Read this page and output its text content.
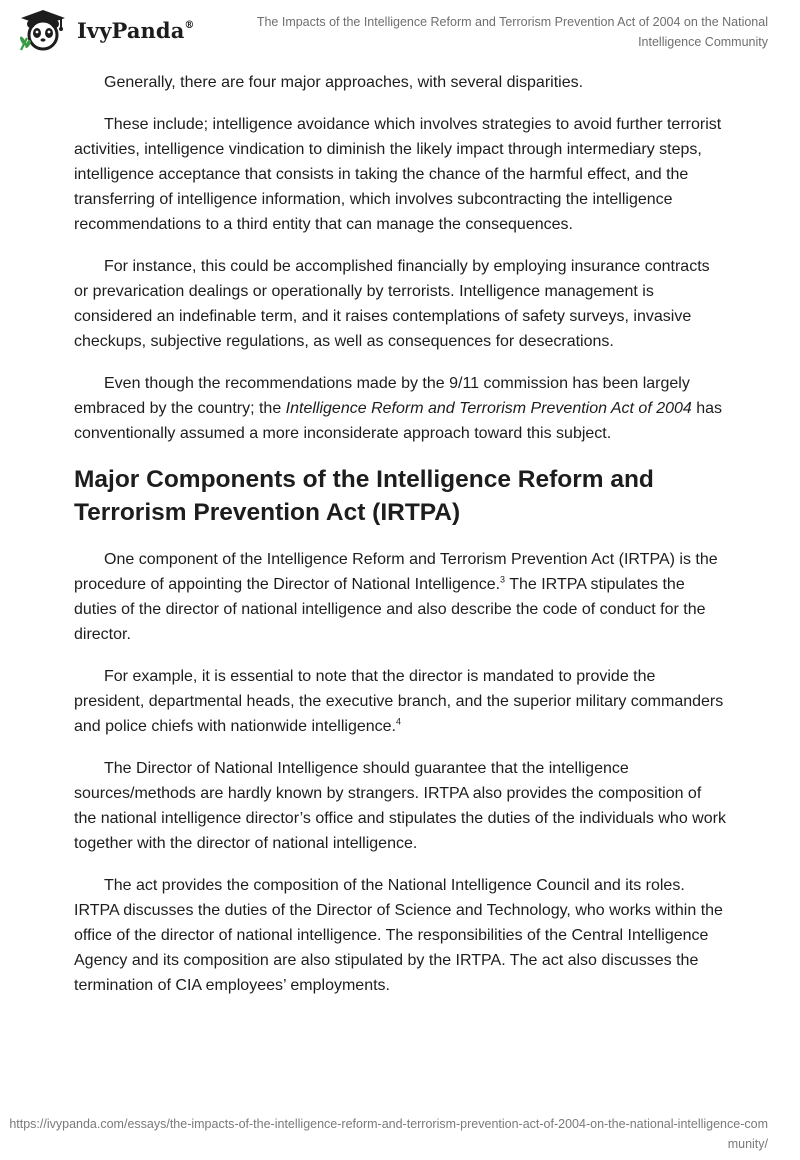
IvyPanda®	The Impacts of the Intelligence Reform and Terrorism Prevention Act of 2004 on the National Intelligence Community

Generally, there are four major approaches, with several disparities.

These include; intelligence avoidance which involves strategies to avoid further terrorist activities, intelligence vindication to diminish the likely impact through intermediary steps, intelligence acceptance that consists in taking the chance of the harmful effect, and the transferring of intelligence information, which involves subcontracting the intelligence recommendations to a third entity that can manage the consequences.

For instance, this could be accomplished financially by employing insurance contracts or prevarication dealings or operationally by terrorists. Intelligence management is considered an indefinable term, and it raises contemplations of safety surveys, invasive checkups, subjective regulations, as well as consequences for desecrations.

Even though the recommendations made by the 9/11 commission has been largely embraced by the country; the Intelligence Reform and Terrorism Prevention Act of 2004 has conventionally assumed a more inconsiderate approach toward this subject.

Major Components of the Intelligence Reform and Terrorism Prevention Act (IRTPA)

One component of the Intelligence Reform and Terrorism Prevention Act (IRTPA) is the procedure of appointing the Director of National Intelligence.$^3$ The IRTPA stipulates the duties of the director of national intelligence and also describe the code of conduct for the director.

For example, it is essential to note that the director is mandated to provide the president, departmental heads, the executive branch, and the superior military commanders and police chiefs with nationwide intelligence.$^4$

The Director of National Intelligence should guarantee that the intelligence sources/methods are hardly known by strangers. IRTPA also provides the composition of the national intelligence director’s office and stipulates the duties of the individuals who work together with the director of national intelligence.

The act provides the composition of the National Intelligence Council and its roles. IRTPA discusses the duties of the Director of Science and Technology, who works within the office of the director of national intelligence. The responsibilities of the Central Intelligence Agency and its composition are also stipulated by the IRTPA. The act also discusses the termination of CIA employees’ employments.

https://ivypanda.com/essays/the-impacts-of-the-intelligence-reform-and-terrorism-prevention-act-of-2004-on-the-national-intelligence-community/
